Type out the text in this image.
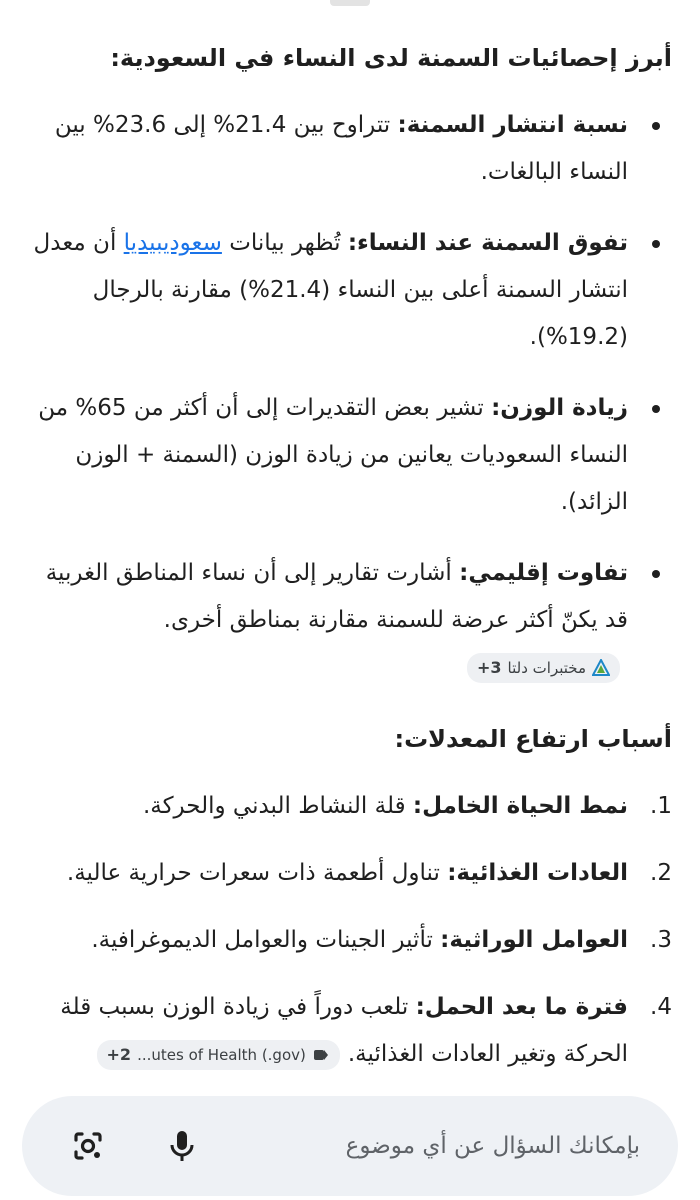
أبرز إحصائيات السمنة لدى النساء في السعودية:
نسبة انتشار السمنة: تتراوح بين 21.4% إلى 23.6% بين النساء البالغات.
تفوق السمنة عند النساء: تُظهر بيانات سعوديبيديا أن معدل انتشار السمنة أعلى بين النساء (21.4%) مقارنة بالرجال (19.2%).
زيادة الوزن: تشير بعض التقديرات إلى أن أكثر من 65% من النساء السعوديات يعانين من زيادة الوزن (السمنة + الوزن الزائد).
تفاوت إقليمي: أشارت تقارير إلى أن نساء المناطق الغربية قد يكنّ أكثر عرضة للسمنة مقارنة بمناطق أخرى.
مختبرات دلتا
+3
أسباب ارتفاع المعدلات:
1.
نمط الحياة الخامل: قلة النشاط البدني والحركة.
2.
العادات الغذائية: تناول أطعمة ذات سعرات حرارية عالية.
3.
العوامل الوراثية: تأثير الجينات والعوامل الديموغرافية.
4.
فترة ما بعد الحمل: تلعب دوراً في زيادة الوزن بسبب قلة الحركة وتغير العادات الغذائية.
+2 ...utes of Health (.gov)
بإمكانك السؤال عن أي موضوع
